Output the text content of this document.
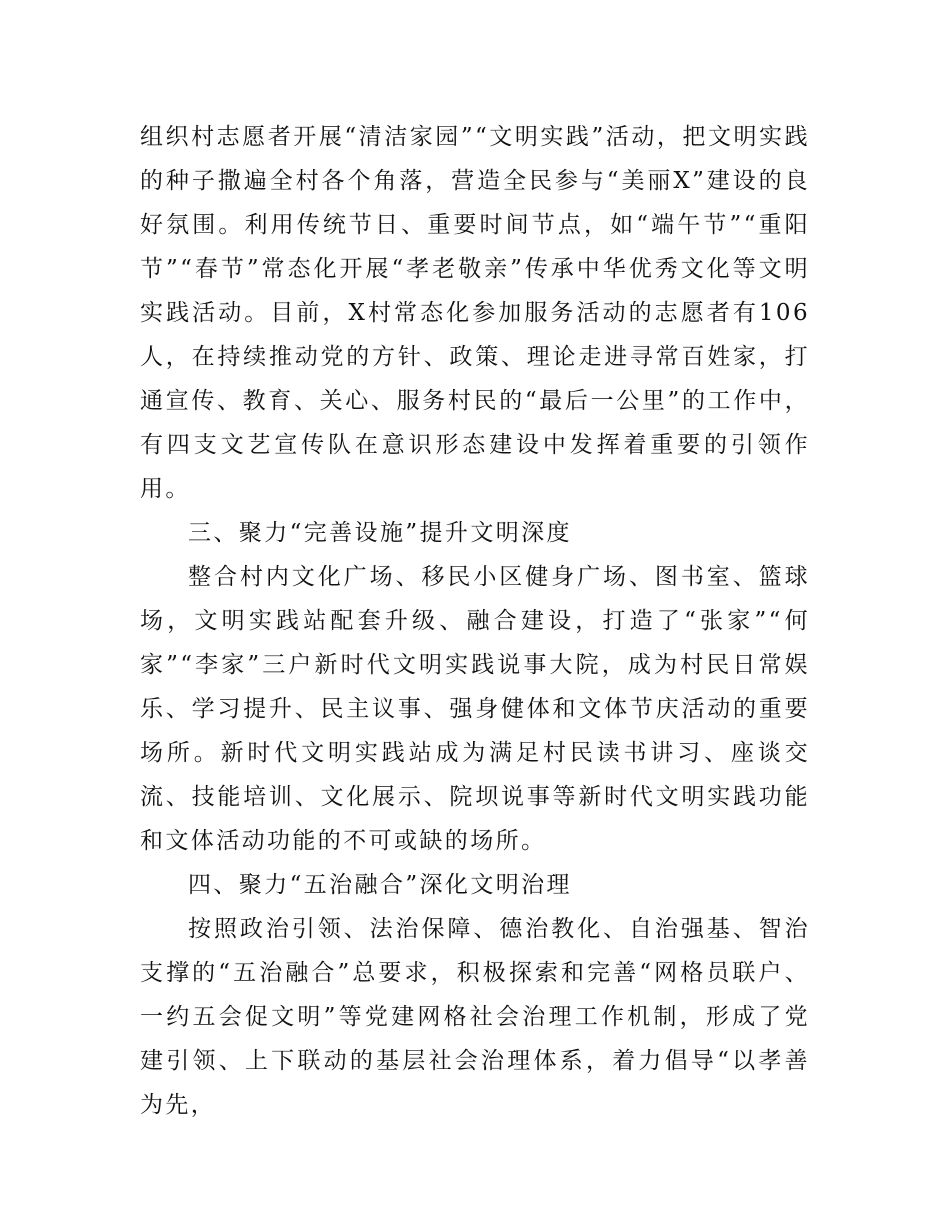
组织村志愿者开展“清洁家园”“文明实践”活动，把文明实践的种子撒遍全村各个角落，营造全民参与“美丽X”建设的良好氛围。利用传统节日、重要时间节点，如“端午节”“重阳节”“春节”常态化开展“孝老敬亲”传承中华优秀文化等文明实践活动。目前，X村常态化参加服务活动的志愿者有106人，在持续推动党的方针、政策、理论走进寻常百姓家，打通宣传、教育、关心、服务村民的“最后一公里”的工作中，有四支文艺宣传队在意识形态建设中发挥着重要的引领作用。

三、聚力“完善设施”提升文明深度

整合村内文化广场、移民小区健身广场、图书室、篮球场，文明实践站配套升级、融合建设，打造了“张家”“何家”“李家”三户新时代文明实践说事大院，成为村民日常娱乐、学习提升、民主议事、强身健体和文体节庆活动的重要场所。新时代文明实践站成为满足村民读书讲习、座谈交流、技能培训、文化展示、院坝说事等新时代文明实践功能和文体活动功能的不可或缺的场所。

四、聚力“五治融合”深化文明治理

按照政治引领、法治保障、德治教化、自治强基、智治支撑的“五治融合”总要求，积极探索和完善“网格员联户、一约五会促文明”等党建网格社会治理工作机制，形成了党建引领、上下联动的基层社会治理体系，着力倡导“以孝善为先，
